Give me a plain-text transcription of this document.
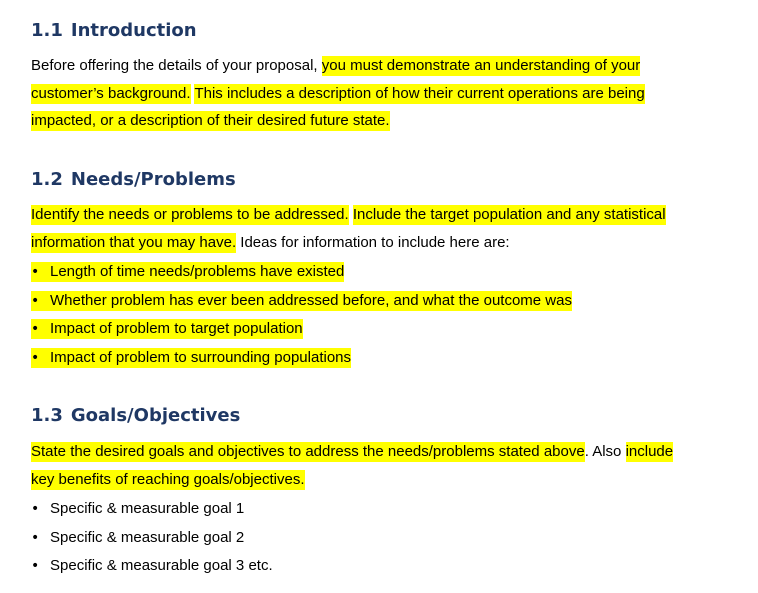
1.1 Introduction
Before offering the details of your proposal, you must demonstrate an understanding of your
customer’s background. This includes a description of how their current operations are being
impacted, or a description of their desired future state.
1.2 Needs/Problems
Identify the needs or problems to be addressed. Include the target population and any statistical
information that you may have. Ideas for information to include here are:
• Length of time needs/problems have existed
• Whether problem has ever been addressed before, and what the outcome was
• Impact of problem to target population
• Impact of problem to surrounding populations
1.3 Goals/Objectives
State the desired goals and objectives to address the needs/problems stated above. Also include
key benefits of reaching goals/objectives.
• Specific & measurable goal 1
• Specific & measurable goal 2
• Specific & measurable goal 3 etc.
